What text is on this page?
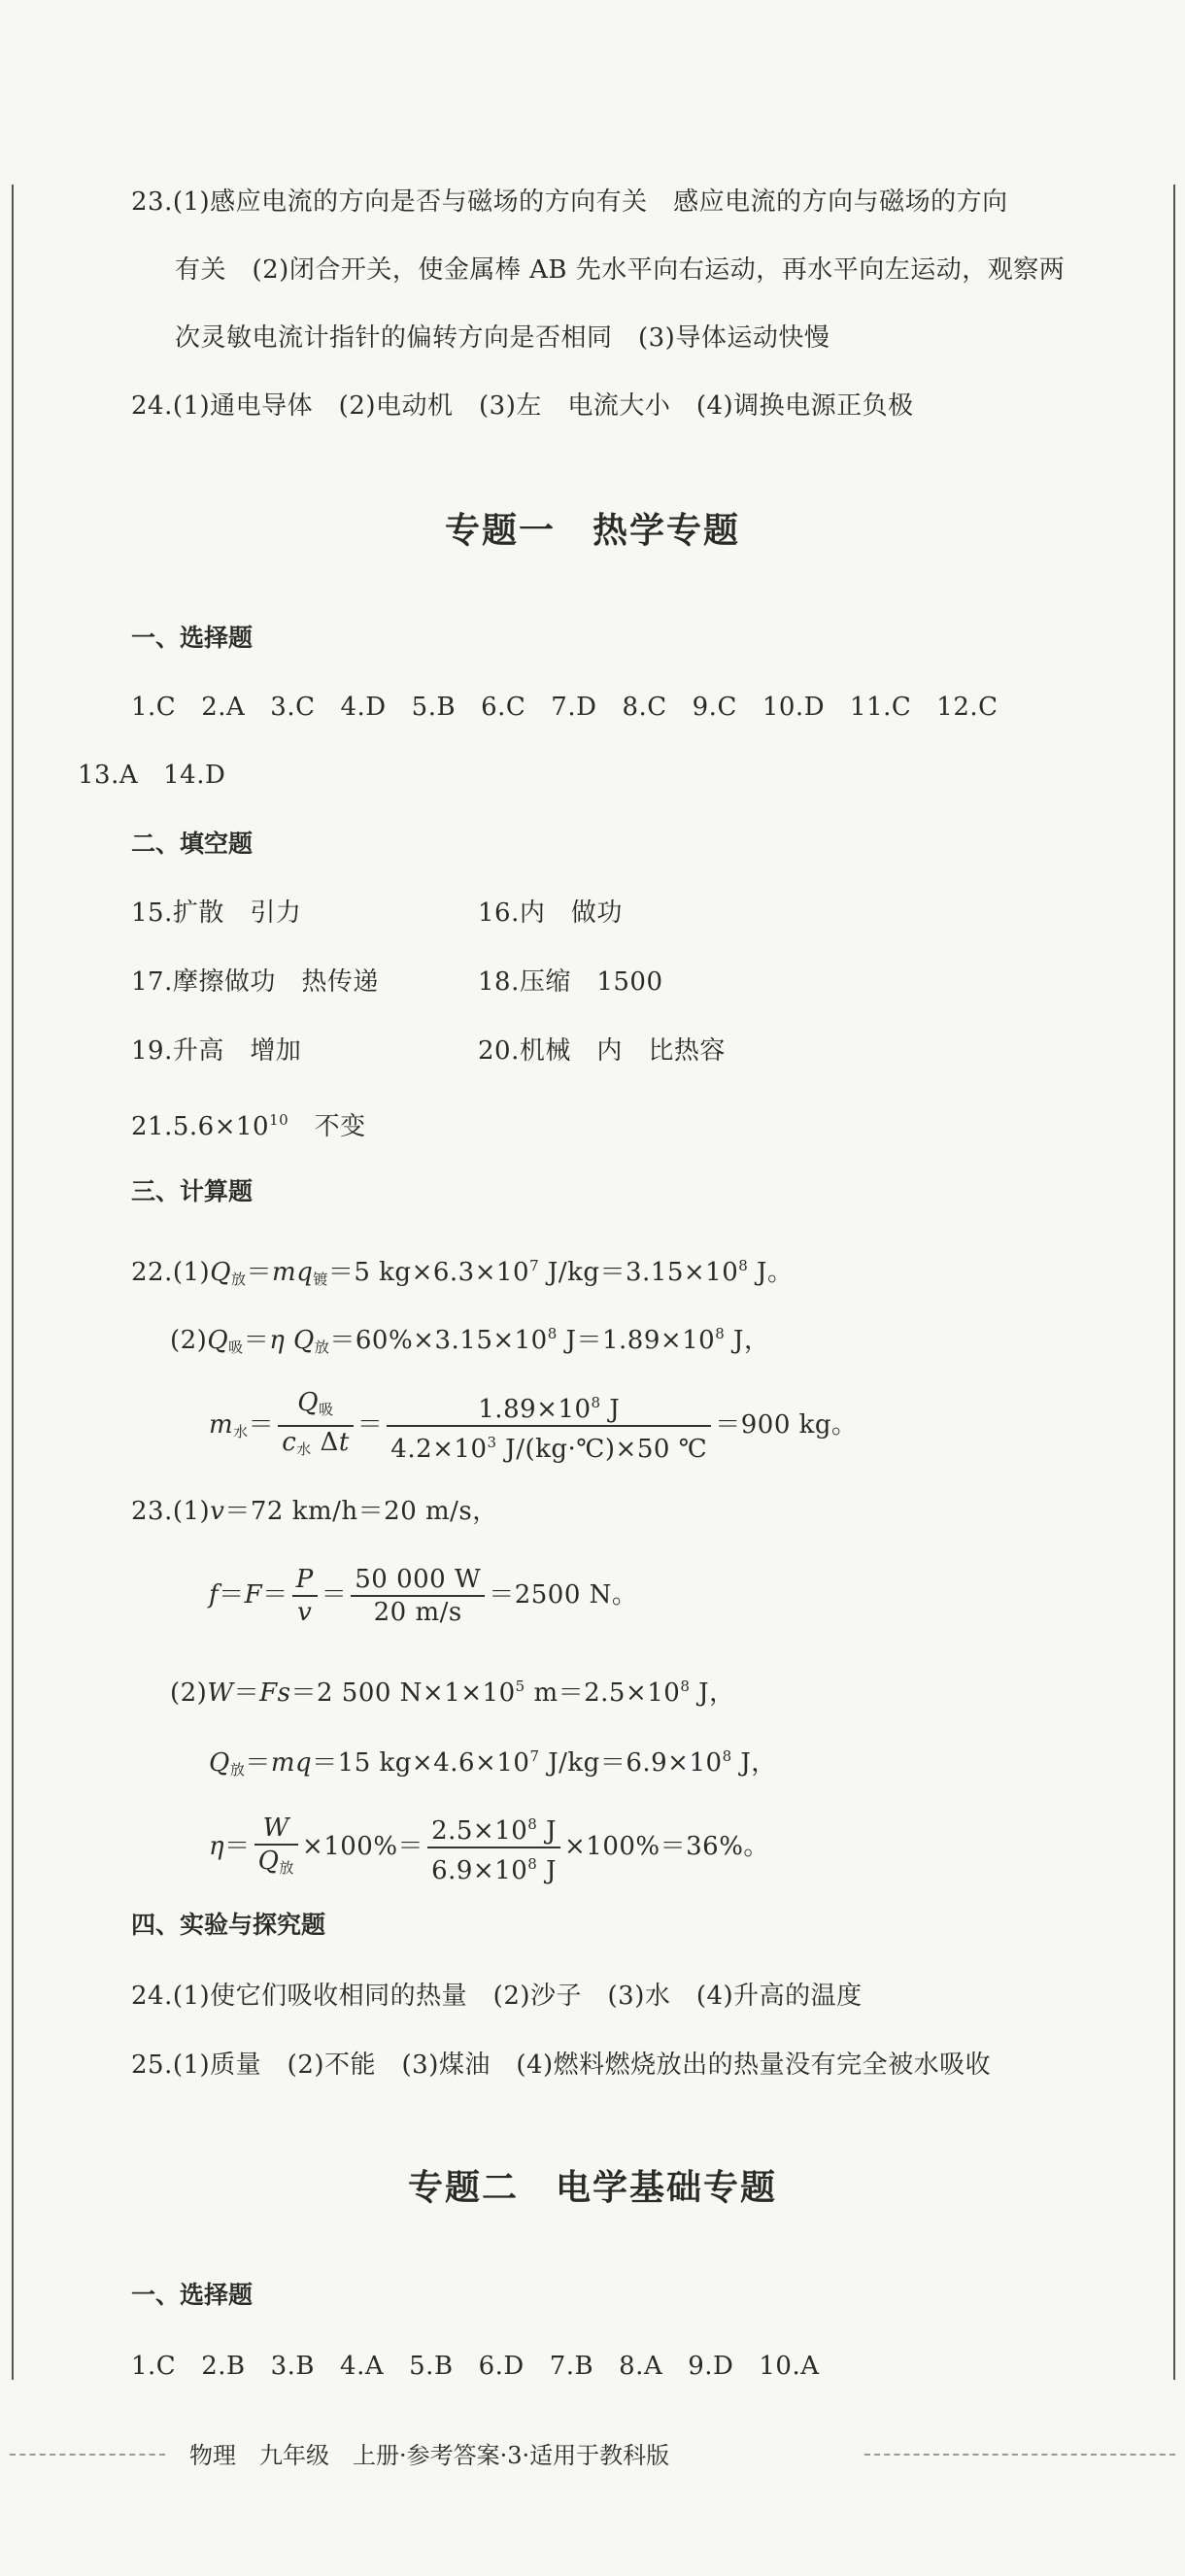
23.(1)感应电流的方向是否与磁场的方向有关　感应电流的方向与磁场的方向
有关　(2)闭合开关，使金属棒 AB 先水平向右运动，再水平向左运动，观察两
次灵敏电流计指针的偏转方向是否相同　(3)导体运动快慢
24.(1)通电导体　(2)电动机　(3)左　电流大小　(4)调换电源正负极
专题一　热学专题
一、选择题
1.C 2.A 3.C 4.D 5.B 6.C 7.D 8.C 9.C 10.D 11.C 12.C
13.A 14.D
二、填空题
15.扩散　引力	16.内　做功
17.摩擦做功　热传递	18.压缩　1500
19.升高　增加	20.机械　内　比热容
$21.5.6\times 10^{10}$　不变
三、计算题
$22.(1)Q_放=mq_镀=5$ $kg\times 6.3\times 10^7$ $J/kg=3.15\times 10^8$ J。
$(2)Q_吸=\eta$ $Q_放=60\%\times 3.15\times 10^8$ $J=1.89\times 10^8$ J，
$m_水= \frac{Q_吸}{c_水 \Delta t} = \frac{1.89\times 10^8 J}{4.2\times 10^3 J/(kg\cdot℃)\times 50 ℃} =900$ kg。
23.(1)v＝72 km/h＝20 m/s，
$f=F= \frac{P}{v} = \frac{50 000 W}{20 m/s} =2500$ N。
(2)W＝Fs＝2 500 $N\times 1\times 10^5$ $m=2.5\times 10^8$ J，
$Q_放=mq=15$ $kg\times 4.6\times 10^7$ $J/kg=6.9\times 10^8$ J，
$\eta= \frac{W}{Q_放} \times 100\%= \frac{2.5\times 10^8 J}{6.9\times 10^8 J} \times 100\%=36\%$。
四、实验与探究题
24.(1)使它们吸收相同的热量　(2)沙子　(3)水　(4)升高的温度
25.(1)质量　(2)不能　(3)煤油　(4)燃料燃烧放出的热量没有完全被水吸收
专题二　电学基础专题
一、选择题
1.C 2.B 3.B 4.A 5.B 6.D 7.B 8.A 9.D 10.A
物理　九年级　上册·参考答案·3·适用于教科版
